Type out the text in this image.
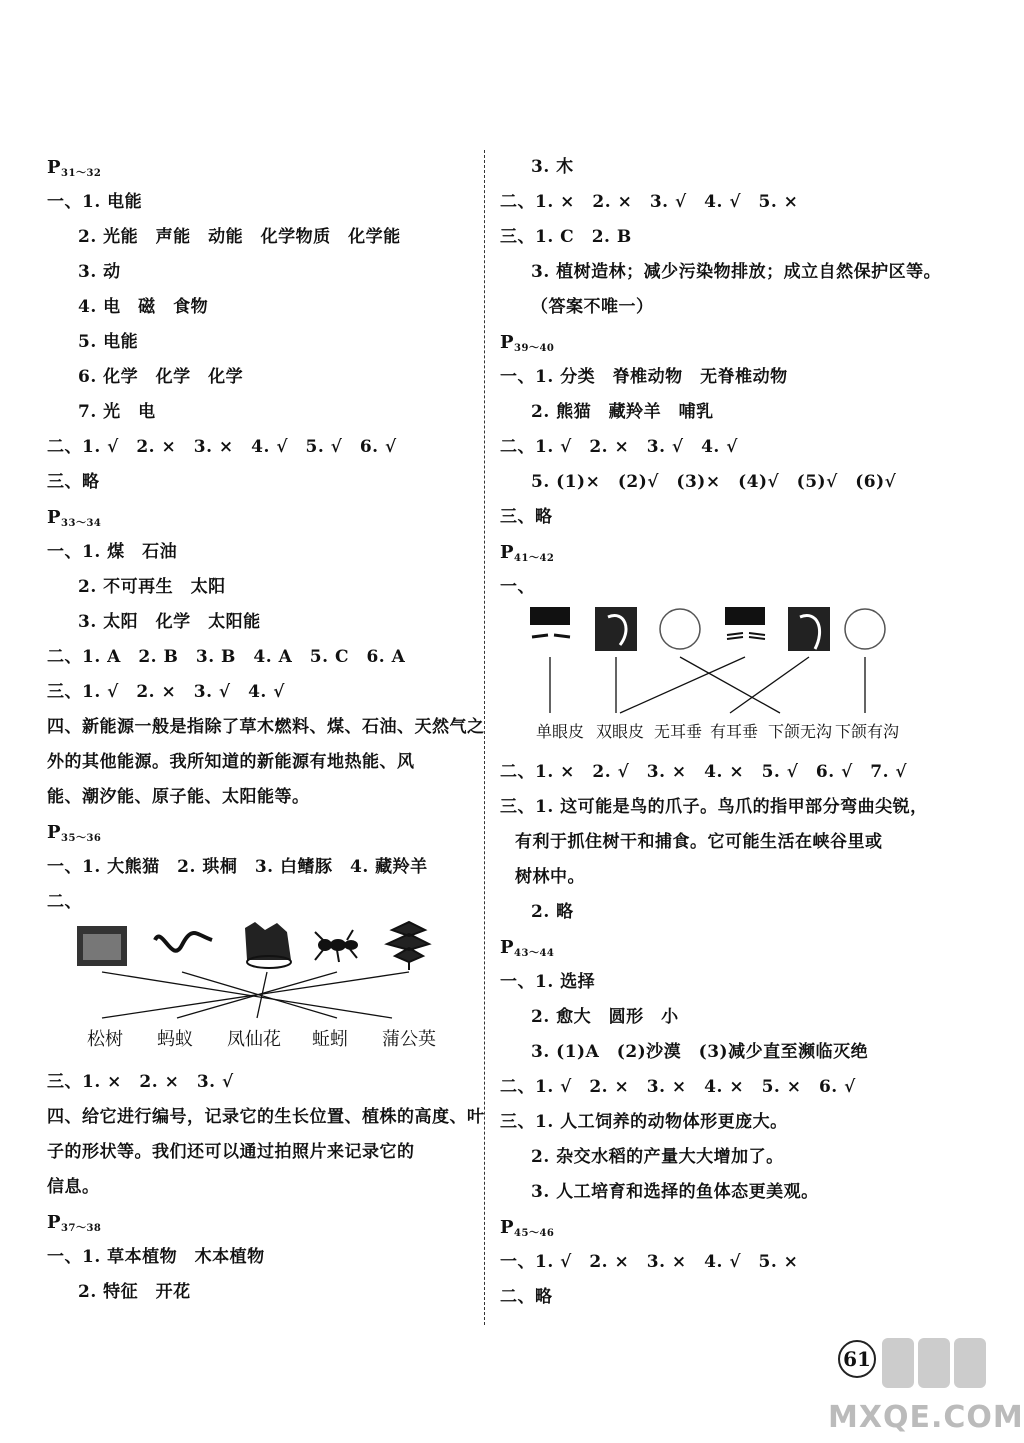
$P_{31\sim 32}$
一、1. 电能
2. 光能　声能　动能　化学物质　化学能
3. 动
4. 电　磁　食物
5. 电能
6. 化学　化学　化学
7. 光　电
二、1. √　2. ×　3. ×　4. √　5. √　6. √
三、略
$P_{33\sim 34}$
一、1. 煤　石油
2. 不可再生　太阳
3. 太阳　化学　太阳能
二、1. A　2. B　3. B　4. A　5. C　6. A
三、1. √　2. ×　3. √　4. √
四、新能源一般是指除了草木燃料、煤、石油、天然气之
外的其他能源。我所知道的新能源有地热能、风
能、潮汐能、原子能、太阳能等。
$P_{35\sim 36}$
一、1. 大熊猫　2. 珙桐　3. 白鳍豚　4. 藏羚羊
二、
松树 蚂蚁 凤仙花 蚯蚓 蒲公英
三、1. ×　2. ×　3. √
四、给它进行编号，记录它的生长位置、植株的高度、叶
子的形状等。我们还可以通过拍照片来记录它的
信息。
$P_{37\sim 38}$
一、1. 草本植物　木本植物
2. 特征　开花
3. 木
二、1. ×　2. ×　3. √　4. √　5. ×
三、1. C　2. B
3. 植树造林；减少污染物排放；成立自然保护区等。
（答案不唯一）
$P_{39\sim 40}$
一、1. 分类　脊椎动物　无脊椎动物
2. 熊猫　藏羚羊　哺乳
二、1. √　2. ×　3. √　4. √
5. (1)×　(2)√　(3)×　(4)√　(5)√　(6)√
三、略
$P_{41\sim 42}$
一、
单眼皮 双眼皮 无耳垂 有耳垂 下颌无沟 下颌有沟
二、1. ×　2. √　3. ×　4. ×　5. √　6. √　7. √
三、1. 这可能是鸟的爪子。鸟爪的指甲部分弯曲尖锐，
有利于抓住树干和捕食。它可能生活在峡谷里或
树林中。
2. 略
$P_{43\sim 44}$
一、1. 选择
2. 愈大　圆形　小
3. (1)A　(2)沙漠　(3)减少直至濒临灭绝
二、1. √　2. ×　3. ×　4. ×　5. ×　6. √
三、1. 人工饲养的动物体形更庞大。
2. 杂交水稻的产量大大增加了。
3. 人工培育和选择的鱼体态更美观。
$P_{45\sim 46}$
一、1. √　2. ×　3. ×　4. √　5. ×
二、略
61
MXQE.COM
